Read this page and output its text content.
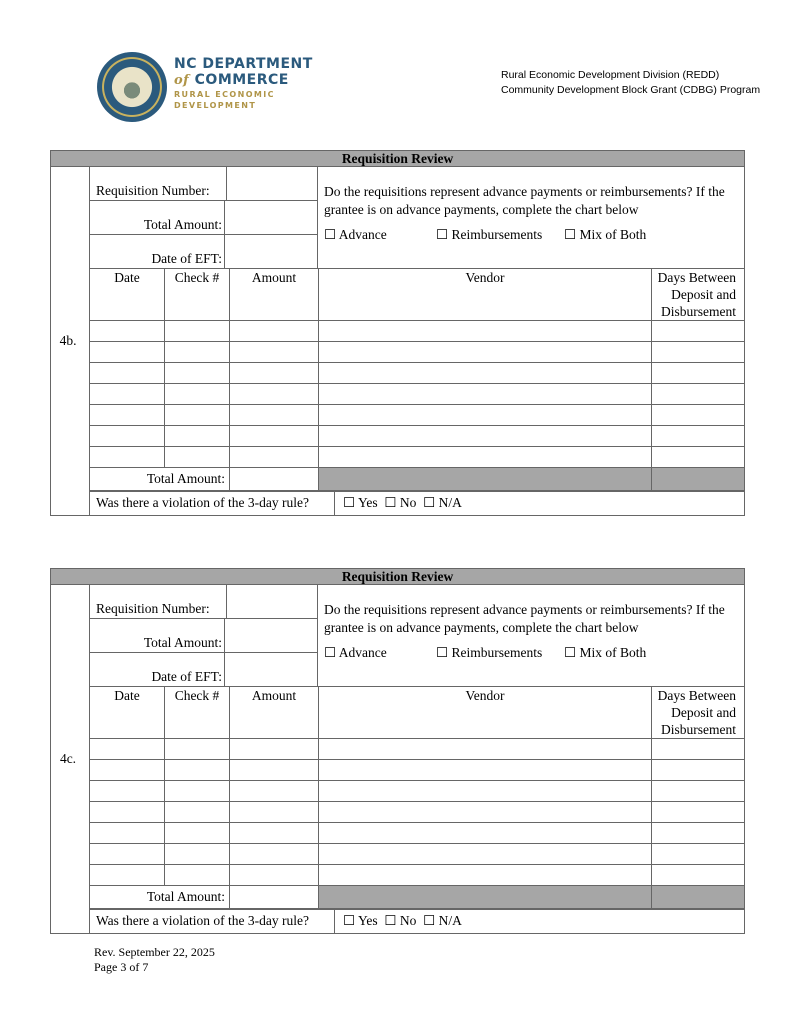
NC DEPARTMENT
of COMMERCE
RURAL ECONOMIC
DEVELOPMENT
Rural Economic Development Division (REDD)
Community Development Block Grant (CDBG) Program
Requisition Review
4b.
Requisition Number:
Total Amount:
Date of EFT:
Do the requisitions represent advance payments or reimbursements? If the grantee is on advance payments, complete the chart below
☐ Advance	☐ Reimbursements	☐ Mix of Both
Date	Check #	Amount	Vendor	Days Between Deposit and Disbursement

Total Amount:				
Was there a violation of the 3-day rule?	☐ Yes  ☐ No  ☐ N/A
Requisition Review
4c.
Requisition Number:
Total Amount:
Date of EFT:
Do the requisitions represent advance payments or reimbursements? If the grantee is on advance payments, complete the chart below
☐ Advance	☐ Reimbursements	☐ Mix of Both
Date	Check #	Amount	Vendor	Days Between Deposit and Disbursement

Total Amount:				
Was there a violation of the 3-day rule?	☐ Yes  ☐ No  ☐ N/A
Rev. September 22, 2025
Page 3 of 7
